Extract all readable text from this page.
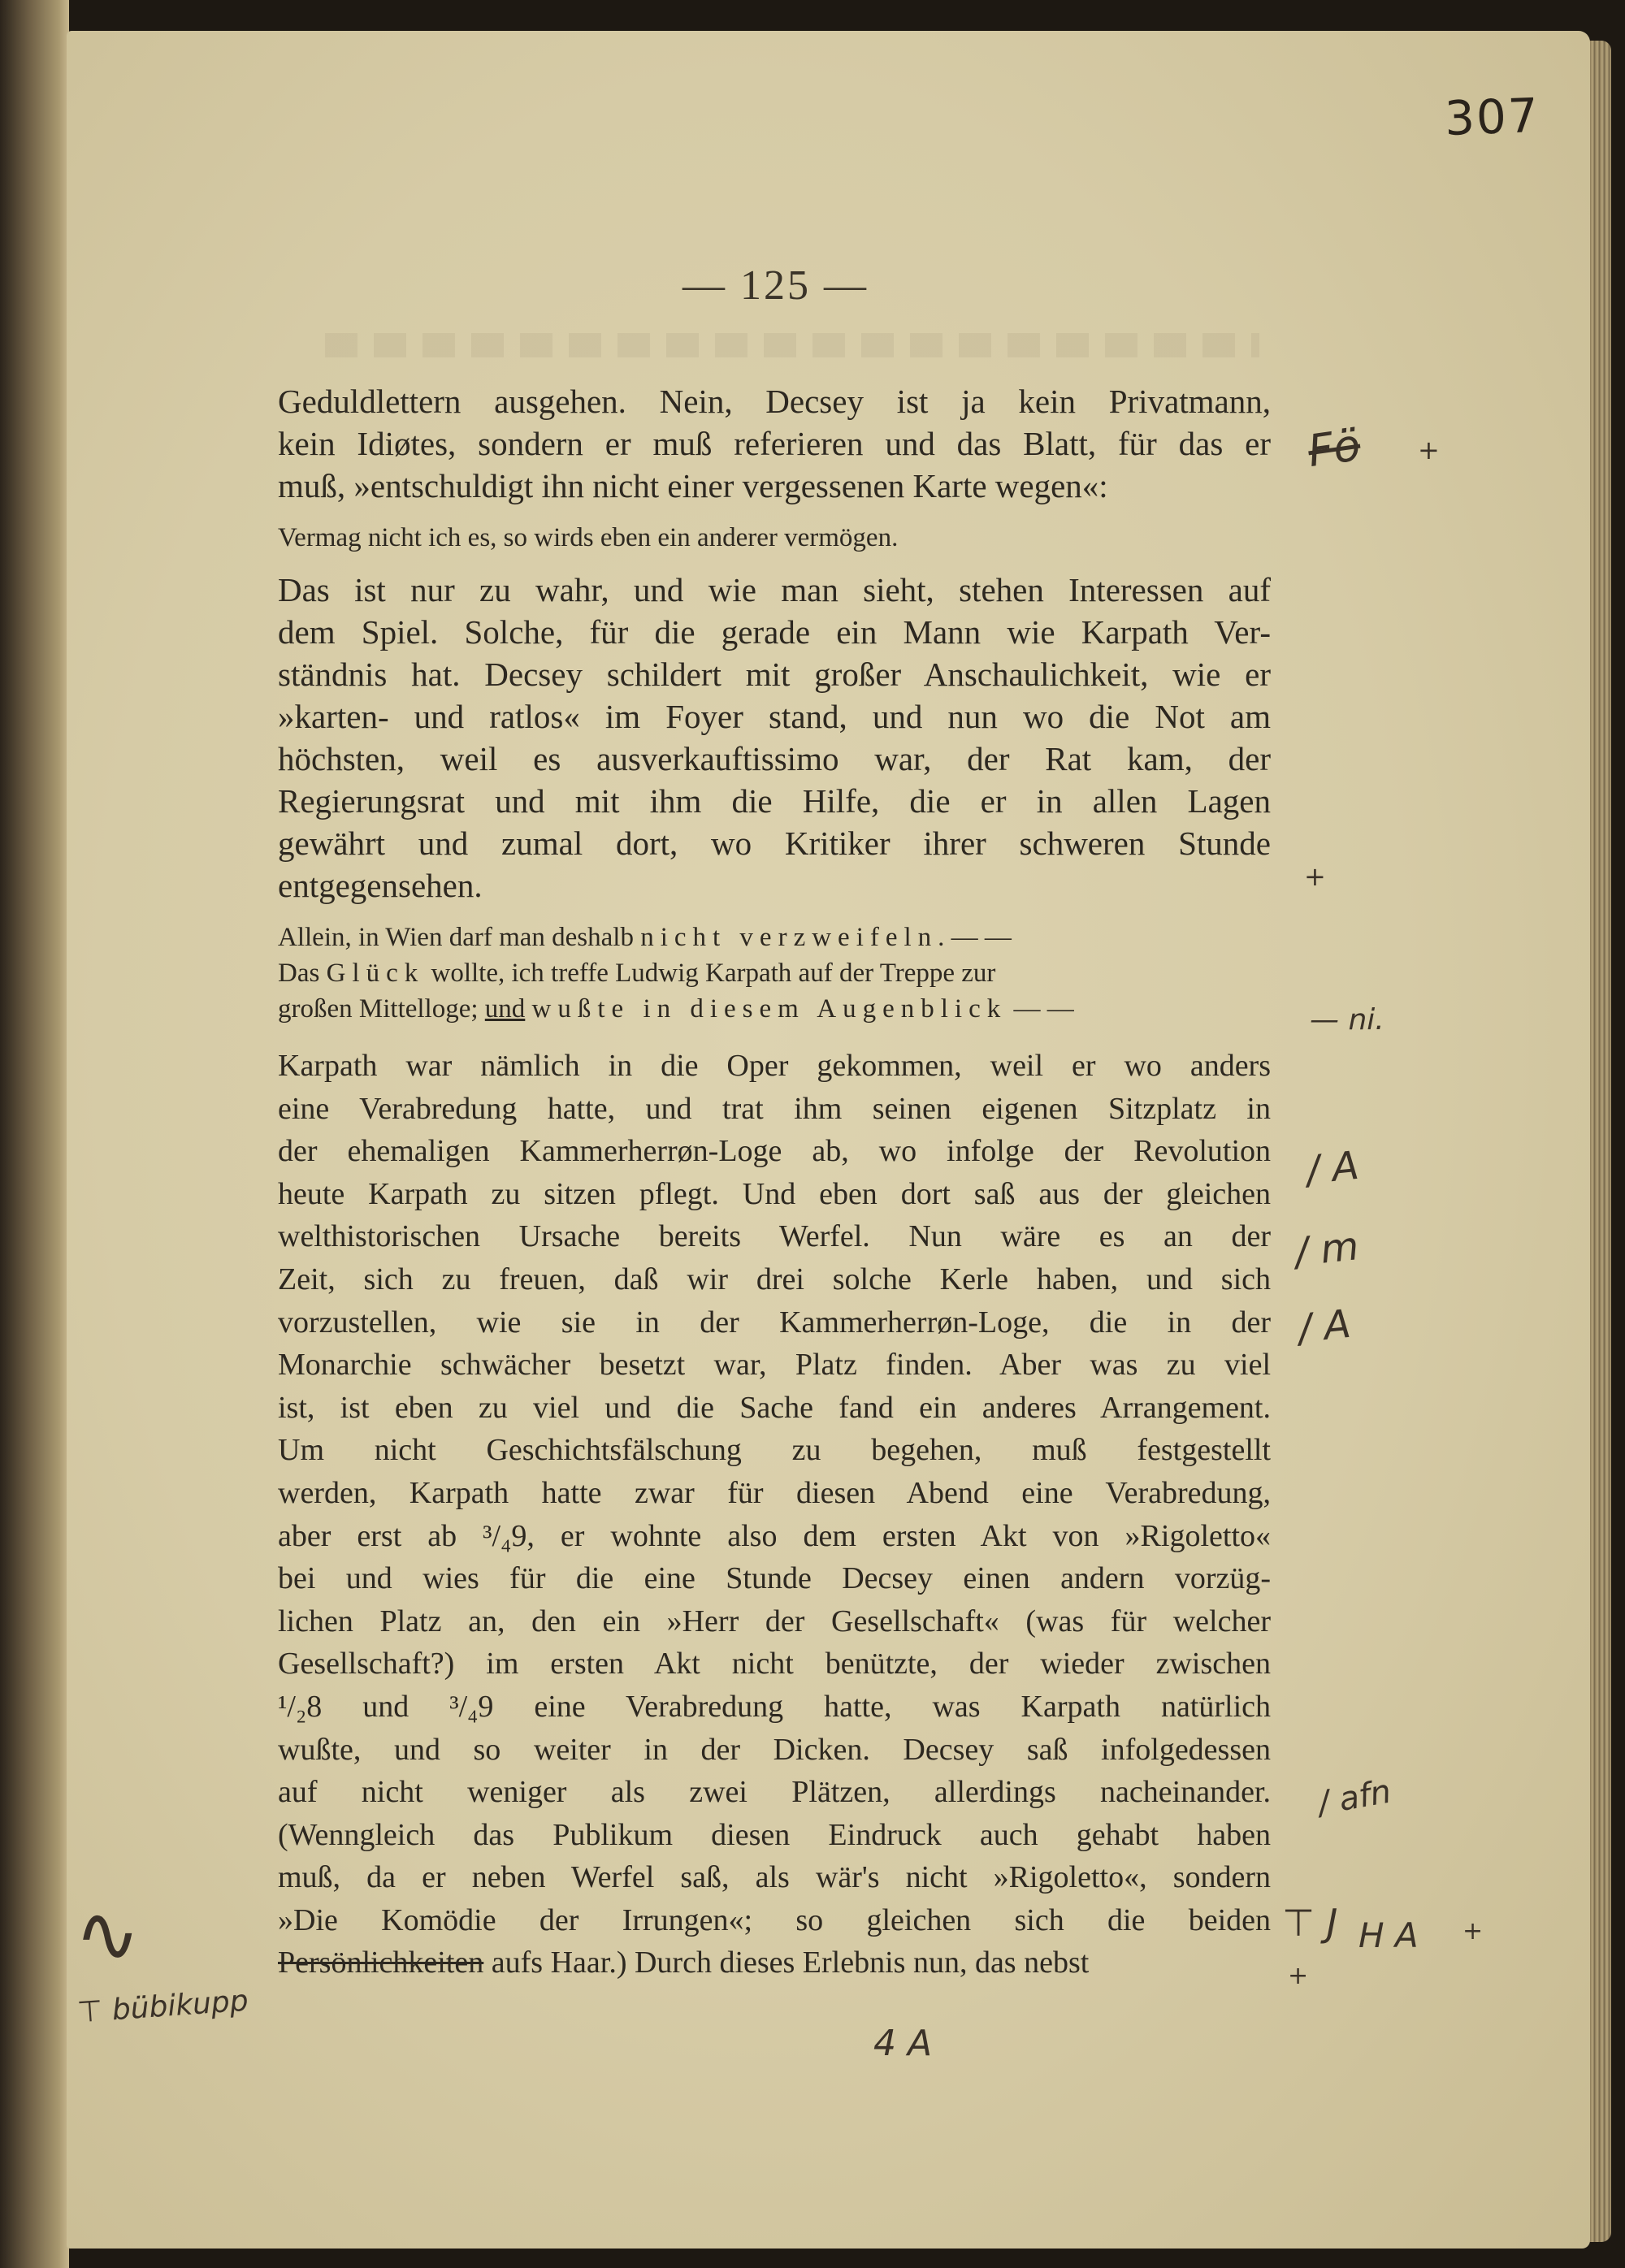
307
— 125 —
Geduldlettern ausgehen. Nein, Decsey ist ja kein Privatmann,
kein Idiøtes, sondern er muß referieren und das Blatt, für das er
muß, »entschuldigt ihn nicht einer vergessenen Karte wegen«:
Vermag nicht ich es, so wirds eben ein anderer vermögen.
Das ist nur zu wahr, und wie man sieht, stehen Interessen auf
dem Spiel. Solche, für die gerade ein Mann wie Karpath Ver-
ständnis hat. Decsey schildert mit großer Anschaulichkeit, wie er
»karten- und ratlos« im Foyer stand, und nun wo die Not am
höchsten, weil es ausverkauftissimo war, der Rat kam, der
Regierungsrat und mit ihm die Hilfe, die er in allen Lagen
gewährt und zumal dort, wo Kritiker ihrer schweren Stunde
entgegensehen.
Allein, in Wien darf man deshalb nicht verzweifeln. — —
Das Glück wollte, ich treffe Ludwig Karpath auf der Treppe zur
großen Mittelloge; und wußte in diesem Augenblick — —
Karpath war nämlich in die Oper gekommen, weil er wo anders
eine Verabredung hatte, und trat ihm seinen eigenen Sitzplatz in
der ehemaligen Kammerherrøn-Loge ab, wo infolge der Revolution
heute Karpath zu sitzen pflegt. Und eben dort saß aus der gleichen
welthistorischen Ursache bereits Werfel. Nun wäre es an der
Zeit, sich zu freuen, daß wir drei solche Kerle haben, und sich
vorzustellen, wie sie in der Kammerherrøn-Loge, die in der
Monarchie schwächer besetzt war, Platz finden. Aber was zu viel
ist, ist eben zu viel und die Sache fand ein anderes Arrangement.
Um nicht Geschichtsfälschung zu begehen, muß festgestellt
werden, Karpath hatte zwar für diesen Abend eine Verabredung,
aber erst ab ³/₄9, er wohnte also dem ersten Akt von »Rigoletto«
bei und wies für die eine Stunde Decsey einen andern vorzüg-
lichen Platz an, den ein »Herr der Gesellschaft« (was für welcher
Gesellschaft?) im ersten Akt nicht benützte, der wieder zwischen
¹/₂8 und ³/₄9 eine Verabredung hatte, was Karpath natürlich
wußte, und so weiter in der Dicken. Decsey saß infolgedessen
auf nicht weniger als zwei Plätzen, allerdings nacheinander.
(Wenngleich das Publikum diesen Eindruck auch gehabt haben
muß, da er neben Werfel saß, als wär's nicht »Rigoletto«, sondern
»Die Komödie der Irrungen«; so gleichen sich die beiden
Persönlichkeiten aufs Haar.) Durch dieses Erlebnis nun, das nebst
Fö +
+
— ni.
/ A
/ m
/ A
/ afn
⊤ J H A +
+
∿
⊤ bübikupp
4 A
